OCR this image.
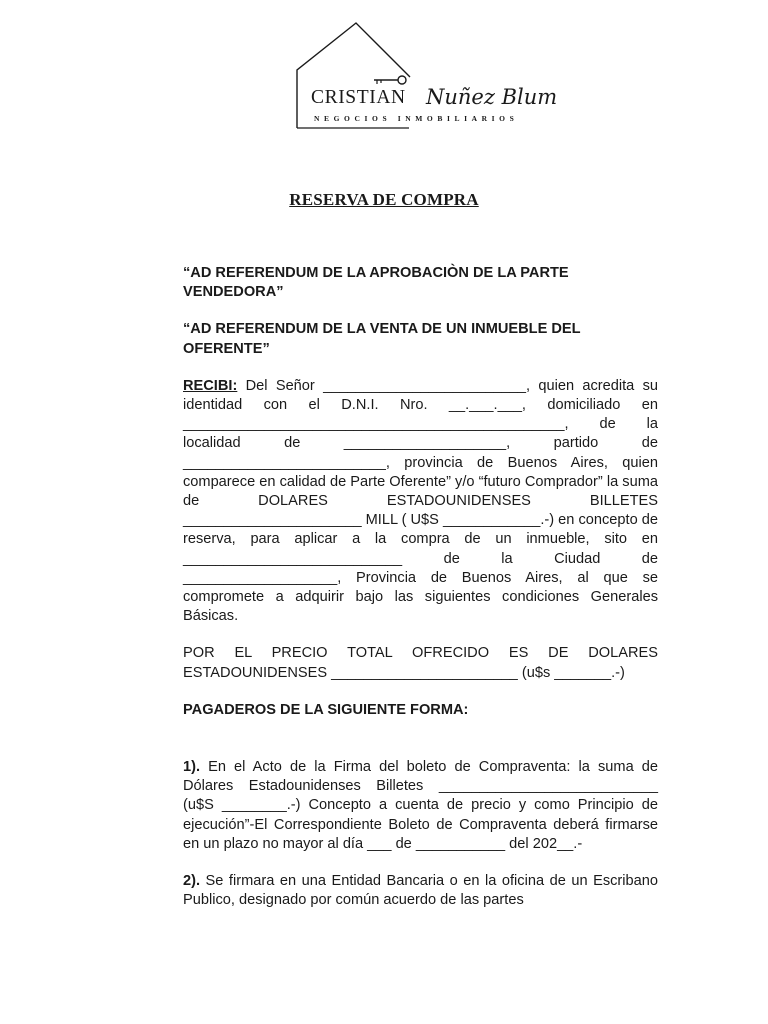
CRISTIAN Nuñez Blum
NEGOCIOS INMOBILIARIOS
RESERVA DE COMPRA

“AD REFERENDUM DE LA APROBACIÒN DE LA PARTE VENDEDORA”

“AD REFERENDUM DE LA VENTA DE UN INMUEBLE DEL OFERENTE”

RECIBI: Del Señor _________________________, quien acredita su identidad con el D.N.I. Nro. __.___.___, domiciliado en _______________________________________________, de la localidad de ____________________, partido de _________________________, provincia de Buenos Aires, quien comparece en calidad de Parte Oferente” y/o “futuro Comprador” la suma de DOLARES ESTADOUNIDENSES BILLETES ______________________ MILL ( U$S ____________.-) en concepto de reserva, para aplicar a la compra de un inmueble, sito en ___________________________ de la Ciudad de ___________________, Provincia de Buenos Aires, al que se compromete a adquirir bajo las siguientes condiciones Generales Básicas.

POR EL PRECIO TOTAL OFRECIDO ES DE DOLARES ESTADOUNIDENSES _______________________ (u$s _______.-)

PAGADEROS DE LA SIGUIENTE FORMA:

1). En el Acto de la Firma del boleto de Compraventa: la suma de Dólares Estadounidenses Billetes ___________________________ (u$S ________.-) Concepto a cuenta de precio y como Principio de ejecución”-El Correspondiente Boleto de Compraventa deberá firmarse en un plazo no mayor al día ___ de ___________ del 202__.-

2). Se firmara en una Entidad Bancaria o en la oficina de un Escribano Publico, designado por común acuerdo de las partes
